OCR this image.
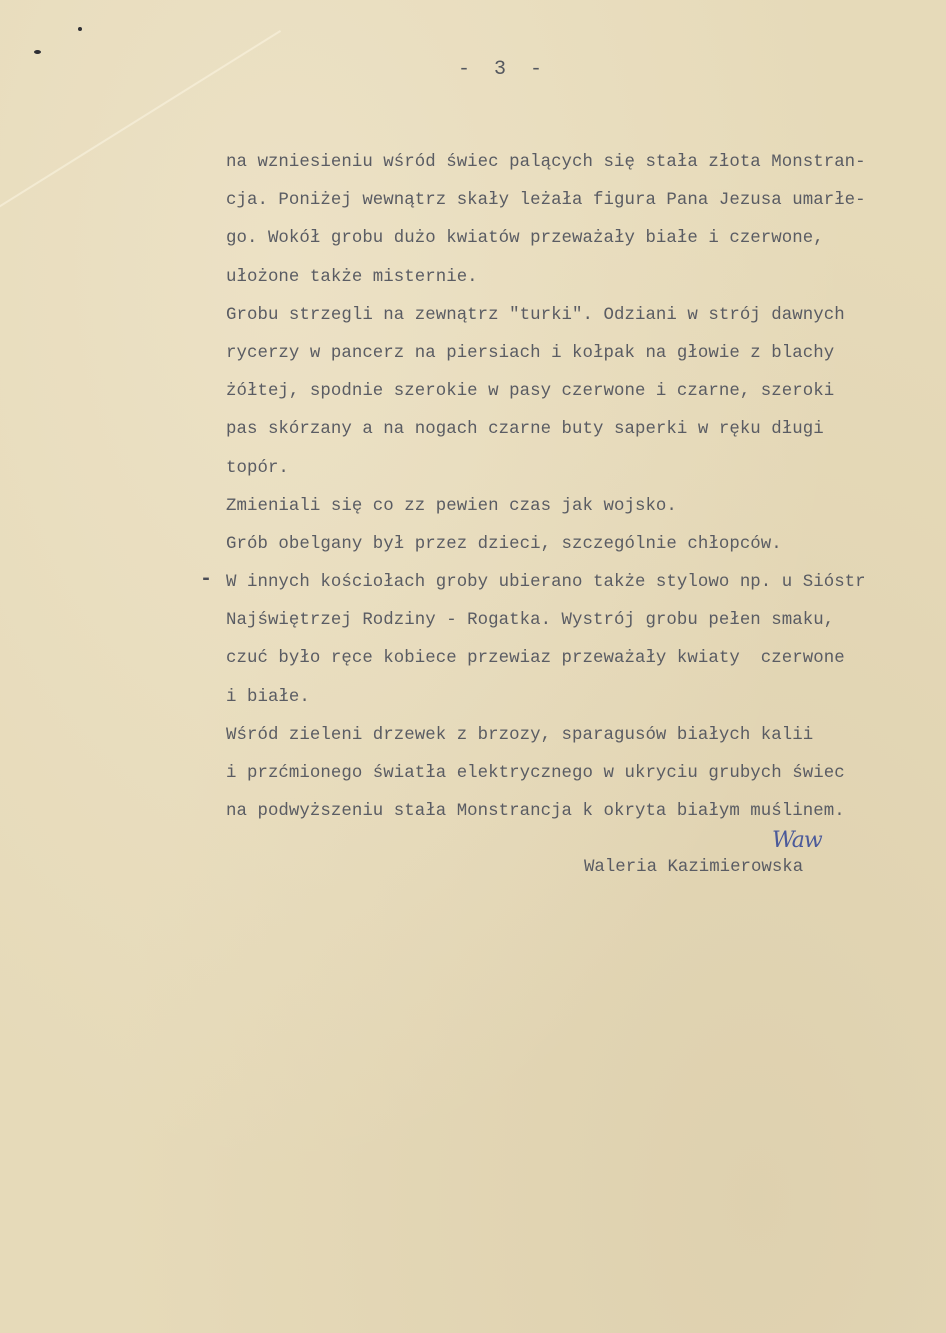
- 3 -
-
na wzniesieniu wśród świec palących się stała złota Monstran-
cja. Poniżej wewnątrz skały leżała figura Pana Jezusa umarłe-
go. Wokół grobu dużo kwiatów przeważały białe i czerwone,
ułożone także misternie.
Grobu strzegli na zewnątrz "turki". Odziani w strój dawnych
rycerzy w pancerz na piersiach i kołpak na głowie z blachy
żółtej, spodnie szerokie w pasy czerwone i czarne, szeroki
pas skórzany a na nogach czarne buty saperki w ręku długi
topór.
Zmieniali się co zz pewien czas jak wojsko.
Grób obelgany był przez dzieci, szczególnie chłopców.
W innych kościołach groby ubierano także stylowo np. u Sióstr
Najświętrzej Rodziny - Rogatka. Wystrój grobu pełen smaku,
czuć było ręce kobiece przewiaz przeważały kwiaty  czerwone
i białe.
Wśród zieleni drzewek z brzozy, sparagusów białych kalii
i przćmionego światła elektrycznego w ukryciu grubych świec
na podwyższeniu stała Monstrancja k okryta białym muślinem.
Waw
Waleria Kazimierowska
